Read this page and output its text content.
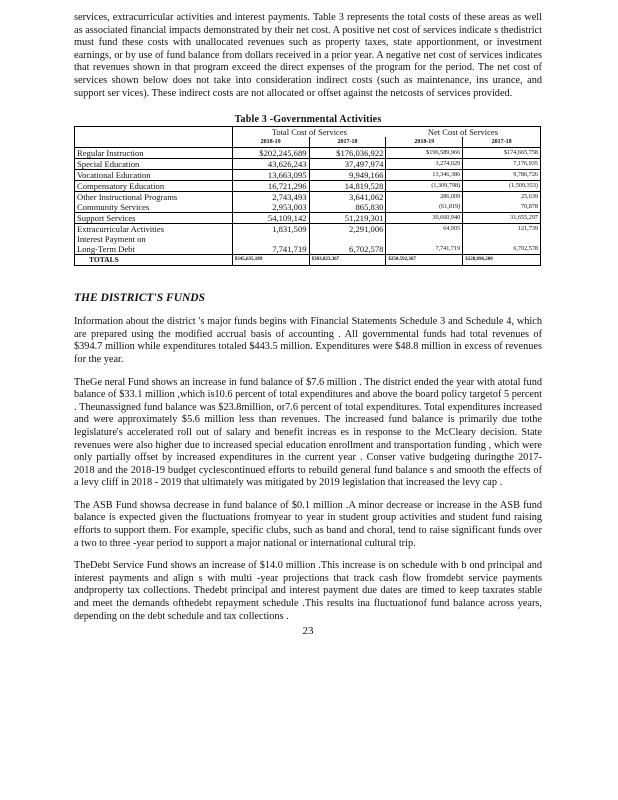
services, extracurricular activities and interest payments. Table 3 represents the total costs of these areas as well as associated financial impacts demonstrated by their net cost. A positive net cost of services indicate s thedistrict must fund these costs with unallocated revenues such as property taxes, state apportionment, or investment earnings, or by use of fund balance from dollars received in a prior year. A negative net cost of services indicates that revenues shown in that program exceed the direct expenses of the program for the period. The net cost of services shown below does not take into consideration indirect costs (such as maintenance, ins urance, and support ser vices). These indirect costs are not allocated or offset against the netcosts of services provided.

Table 3 -Governmental Activities
	Total Cost of Services		Net Cost of Services	
	2018-19	2017-18	2018-19	2017-18
Regular Instruction	$202,245,689	$176,036,922	$196,589,966	$174,665,758
Special Education	43,626,243	37,497,974	3,274,029	7,176,935
Vocational Education	13,663,095	9,949,166	13,346,386	9,786,726
Compensatory Education	16,721,296	14,819,528	(1,309,798)	(1,509,353)
Other Instructional Programs	2,743,493	3,641,062	286,009	25,639
Community Services	2,953,003	865,830	(61,819)	70,878
Support Services	54,109,142	51,219,301	30,660,940	31,655,297
Extracurricular Activities	1,831,509	2,291,006	64,905	121,739
Interest Payment on				
Long-Term Debt	7,741,719	6,702,578	7,741,719	6,702,578
TOTALS	$345,635,189	$303,023,367	$250,592,367	$228,696,200
THE DISTRICT'S FUNDS

Information about the district 's major funds begins with Financial Statements Schedule 3 and Schedule 4, which are prepared using the modified accrual basis of accounting . All governmental funds had total revenues of $394.7 million while expenditures totaled $443.5 million. Expenditures were $48.8 million in excess of revenues for the year.

TheGe neral Fund shows an increase in fund balance of $7.6 million . The district ended the year with atotal fund balance of $33.1 million ,which is10.6 percent of total expenditures and above the board policy targetof 5 percent . Theunassigned fund balance was $23.8million, or7.6 percent of total expenditures. Total expenditures increased and were approximately $5.6 million less than revenues. The increased fund balance is primarily due tothe legislature's accelerated roll out of salary and benefit increas es in response to the McCleary decision. State revenues were also higher due to increased special education enrollment and transportation funding , which were only partially offset by increased expenditures in the current year . Conser vative budgeting duringthe 2017- 2018 and the 2018-19 budget cyclescontinued efforts to rebuild general fund balance s and smooth the effects of a levy cliff in 2018 - 2019 that ultimately was mitigated by 2019 legislation that increased the levy cap .

The ASB Fund showsa decrease in fund balance of $0.1 million .A minor decrease or increase in the ASB fund balance is expected given the fluctuations fromyear to year in student group activities and student fund raising efforts to support them. For example, specific clubs, such as band and choral, tend to raise significant funds over a two to three -year period to support a major national or international cultural trip.

TheDebt Service Fund shows an increase of $14.0 million .This increase is on schedule with b ond principal and interest payments and align s with multi -year projections that track cash flow fromdebt service payments andproperty tax collections. Thedebt principal and interest payment due dates are timed to keep taxrates stable and meet the demands ofthedebt repayment schedule .This results ina fluctuationof fund balance across years, depending on the debt schedule and tax collections .

23
